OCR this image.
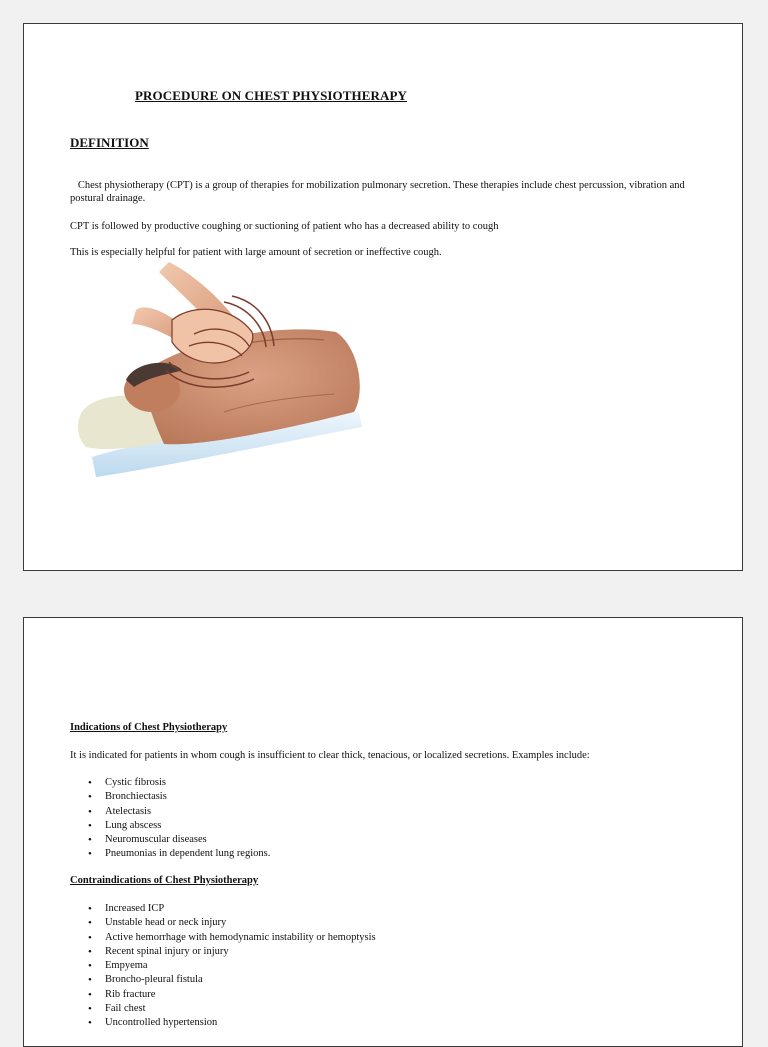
PROCEDURE ON CHEST PHYSIOTHERAPY

DEFINITION

Chest physiotherapy (CPT) is a group of therapies for mobilization pulmonary secretion. These therapies include chest percussion, vibration and postural drainage.

CPT is followed by productive coughing or suctioning of patient who has a decreased ability to cough

This is especially helpful for patient with large amount of secretion or ineffective cough.

Indications of Chest Physiotherapy

It is indicated for patients in whom cough is insufficient to clear thick, tenacious, or localized secretions. Examples include:

• Cystic fibrosis
• Bronchiectasis
• Atelectasis
• Lung abscess
• Neuromuscular diseases
• Pneumonias in dependent lung regions.

Contraindications of Chest Physiotherapy

• Increased ICP
• Unstable head or neck injury
• Active hemorrhage with hemodynamic instability or hemoptysis
• Recent spinal injury or injury
• Empyema
• Broncho-pleural fistula
• Rib fracture
• Fail chest
• Uncontrolled hypertension
